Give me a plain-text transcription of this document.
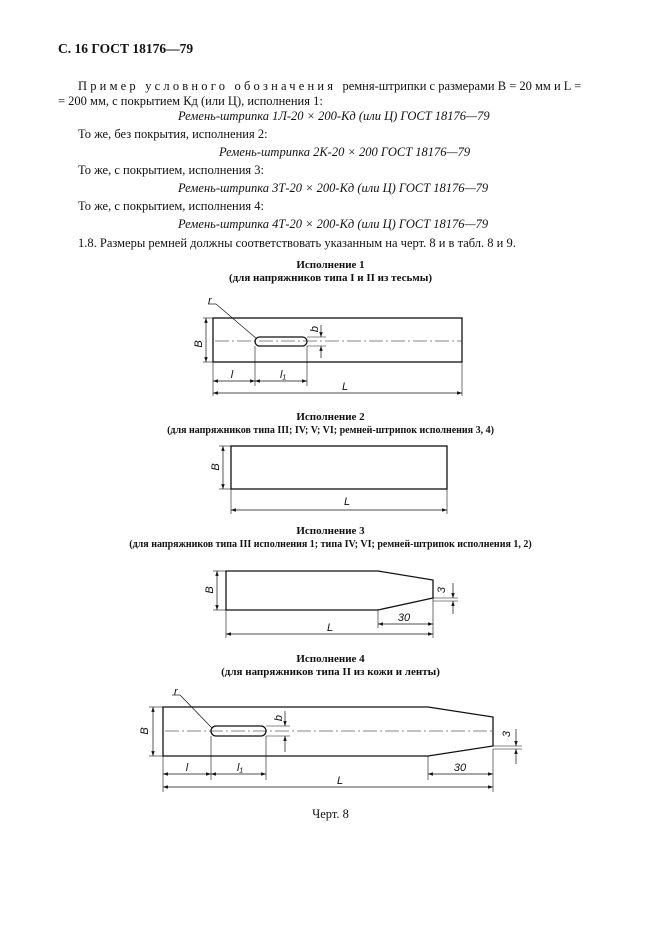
С. 16 ГОСТ 18176—79
Пример условного обозначения ремня-штрипки с размерами B = 20 мм и L =
= 200 мм, с покрытием Кд (или Ц), исполнения 1:
Ремень-штрипка 1Л-20 × 200-Кд (или Ц) ГОСТ 18176—79
То же, без покрытия, исполнения 2:
Ремень-штрипка 2К-20 × 200 ГОСТ 18176—79
То же, с покрытием, исполнения 3:
Ремень-штрипка 3Т-20 × 200-Кд (или Ц) ГОСТ 18176—79
То же, с покрытием, исполнения 4:
Ремень-штрипка 4Т-20 × 200-Кд (или Ц) ГОСТ 18176—79
1.8. Размеры ремней должны соответствовать указанным на черт. 8 и в табл. 8 и 9.
Исполнение 1
(для напряжников типа I и II из тесьмы)
Исполнение 2
(для напряжников типа III; IV; V; VI; ремней-штрипок исполнения 3, 4)
Исполнение 3
(для напряжников типа III исполнения 1; типа IV; VI; ремней-штрипок исполнения 1, 2)
Исполнение 4
(для напряжников типа II из кожи и ленты)
r
B
b
l	l₁
L
B
L
B	3
30
L
r
B
b
3
l	l₁	30
L
Черт. 8
